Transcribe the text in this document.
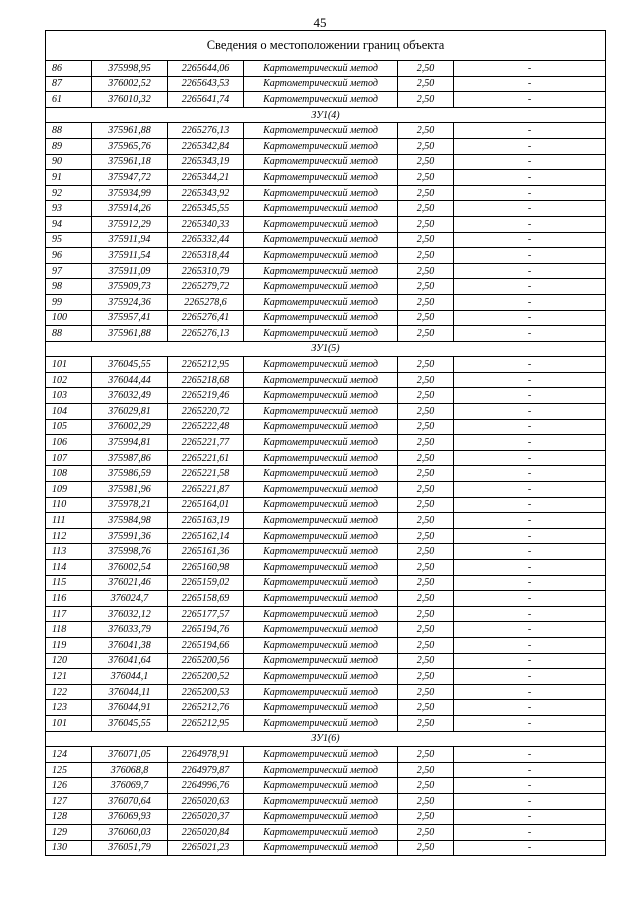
45
Сведения о местоположении границ объекта					
86	375998,95	2265644,06	Картометрический метод	2,50	-
87	376002,52	2265643,53	Картометрический метод	2,50	-
61	376010,32	2265641,74	Картометрический метод	2,50	-
ЗУ1(4)					
88	375961,88	2265276,13	Картометрический метод	2,50	-
89	375965,76	2265342,84	Картометрический метод	2,50	-
90	375961,18	2265343,19	Картометрический метод	2,50	-
91	375947,72	2265344,21	Картометрический метод	2,50	-
92	375934,99	2265343,92	Картометрический метод	2,50	-
93	375914,26	2265345,55	Картометрический метод	2,50	-
94	375912,29	2265340,33	Картометрический метод	2,50	-
95	375911,94	2265332,44	Картометрический метод	2,50	-
96	375911,54	2265318,44	Картометрический метод	2,50	-
97	375911,09	2265310,79	Картометрический метод	2,50	-
98	375909,73	2265279,72	Картометрический метод	2,50	-
99	375924,36	2265278,6	Картометрический метод	2,50	-
100	375957,41	2265276,41	Картометрический метод	2,50	-
88	375961,88	2265276,13	Картометрический метод	2,50	-
ЗУ1(5)					
101	376045,55	2265212,95	Картометрический метод	2,50	-
102	376044,44	2265218,68	Картометрический метод	2,50	-
103	376032,49	2265219,46	Картометрический метод	2,50	-
104	376029,81	2265220,72	Картометрический метод	2,50	-
105	376002,29	2265222,48	Картометрический метод	2,50	-
106	375994,81	2265221,77	Картометрический метод	2,50	-
107	375987,86	2265221,61	Картометрический метод	2,50	-
108	375986,59	2265221,58	Картометрический метод	2,50	-
109	375981,96	2265221,87	Картометрический метод	2,50	-
110	375978,21	2265164,01	Картометрический метод	2,50	-
111	375984,98	2265163,19	Картометрический метод	2,50	-
112	375991,36	2265162,14	Картометрический метод	2,50	-
113	375998,76	2265161,36	Картометрический метод	2,50	-
114	376002,54	2265160,98	Картометрический метод	2,50	-
115	376021,46	2265159,02	Картометрический метод	2,50	-
116	376024,7	2265158,69	Картометрический метод	2,50	-
117	376032,12	2265177,57	Картометрический метод	2,50	-
118	376033,79	2265194,76	Картометрический метод	2,50	-
119	376041,38	2265194,66	Картометрический метод	2,50	-
120	376041,64	2265200,56	Картометрический метод	2,50	-
121	376044,1	2265200,52	Картометрический метод	2,50	-
122	376044,11	2265200,53	Картометрический метод	2,50	-
123	376044,91	2265212,76	Картометрический метод	2,50	-
101	376045,55	2265212,95	Картометрический метод	2,50	-
ЗУ1(6)					
124	376071,05	2264978,91	Картометрический метод	2,50	-
125	376068,8	2264979,87	Картометрический метод	2,50	-
126	376069,7	2264996,76	Картометрический метод	2,50	-
127	376070,64	2265020,63	Картометрический метод	2,50	-
128	376069,93	2265020,37	Картометрический метод	2,50	-
129	376060,03	2265020,84	Картометрический метод	2,50	-
130	376051,79	2265021,23	Картометрический метод	2,50	-
